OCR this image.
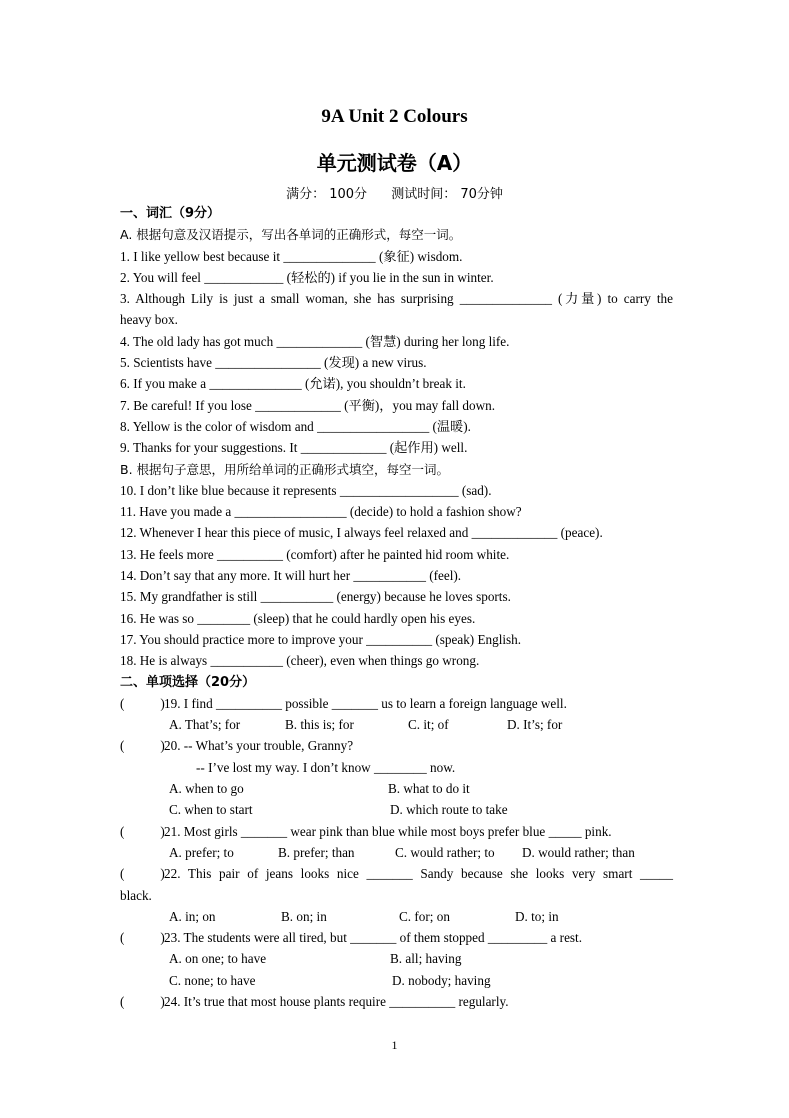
9A Unit 2 Colours
单元测试卷（A）
满分： 100分 测试时间： 70分钟
一、词汇（9分）
A. 根据句意及汉语提示，写出各单词的正确形式，每空一词。
1. I like yellow best because it ______________ (象征) wisdom.
2. You will feel ____________ (轻松的) if you lie in the sun in winter.
3. Although Lily is just a small woman, she has surprising ______________ (力量) to carry the
heavy box.
4. The old lady has got much _____________ (智慧) during her long life.
5. Scientists have ________________ (发现) a new virus.
6. If you make a ______________ (允诺), you shouldn’t break it.
7. Be careful! If you lose _____________ (平衡)，you may fall down.
8. Yellow is the color of wisdom and _________________ (温暖).
9. Thanks for your suggestions. It _____________ (起作用) well.
B. 根据句子意思，用所给单词的正确形式填空，每空一词。
10. I don’t like blue because it represents __________________ (sad).
11. Have you made a _________________ (decide) to hold a fashion show?
12. Whenever I hear this piece of music, I always feel relaxed and _____________ (peace).
13. He feels more __________ (comfort) after he painted hid room white.
14. Don’t say that any more. It will hurt her ___________ (feel).
15. My grandfather is still ___________ (energy) because he loves sports.
16. He was so ________ (sleep) that he could hardly open his eyes.
17. You should practice more to improve your __________ (speak) English.
18. He is always ___________ (cheer), even when things go wrong.
二、单项选择（20分）
(	)19. I find __________ possible _______ us to learn a foreign language well.
A. That’s; for	B. this is; for	C. it; of	D. It’s; for
(	)20. -- What’s your trouble, Granny?
-- I’ve lost my way. I don’t know ________ now.
A. when to go	B. what to do it
C. when to start	D. which route to take
(	)21. Most girls _______ wear pink than blue while most boys prefer blue _____ pink.
A. prefer; to	B. prefer; than	C. would rather; to D. would rather; than
(	)22. This pair of jeans looks nice _______ Sandy because she looks very smart _____
black.
A. in; on	B. on; in	C. for; on	D. to; in
(	)23. The students were all tired, but _______ of them stopped _________ a rest.
A. on one; to have	B. all; having
C. none; to have	D. nobody; having
(	)24. It’s true that most house plants require __________ regularly.
1
